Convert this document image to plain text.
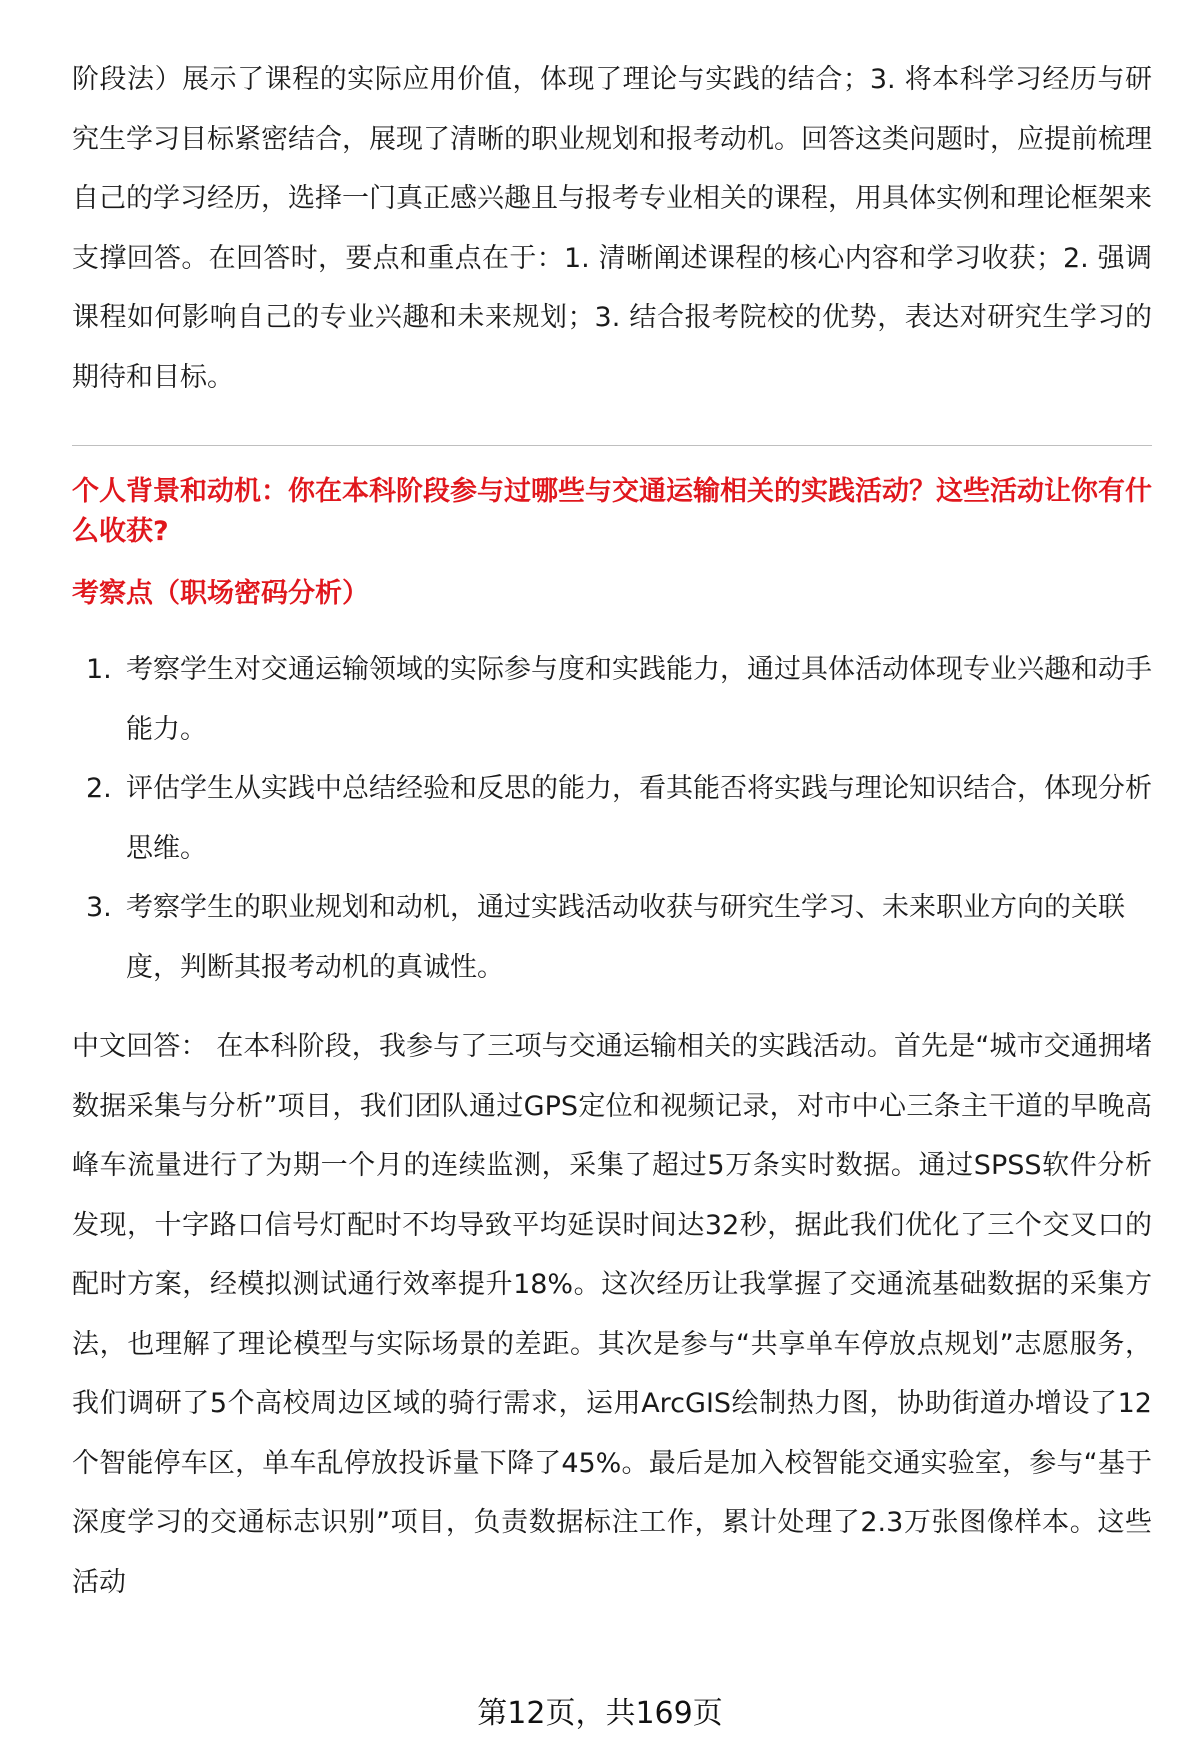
阶段法）展示了课程的实际应用价值，体现了理论与实践的结合；3. 将本科学习经历与研究生学习目标紧密结合，展现了清晰的职业规划和报考动机。回答这类问题时，应提前梳理自己的学习经历，选择一门真正感兴趣且与报考专业相关的课程，用具体实例和理论框架来支撑回答。在回答时，要点和重点在于：1. 清晰阐述课程的核心内容和学习收获；2. 强调课程如何影响自己的专业兴趣和未来规划；3. 结合报考院校的优势，表达对研究生学习的期待和目标。

个人背景和动机：你在本科阶段参与过哪些与交通运输相关的实践活动？这些活动让你有什么收获?

考察点（职场密码分析）

1. 考察学生对交通运输领域的实际参与度和实践能力，通过具体活动体现专业兴趣和动手能力。
2. 评估学生从实践中总结经验和反思的能力，看其能否将实践与理论知识结合，体现分析思维。
3. 考察学生的职业规划和动机，通过实践活动收获与研究生学习、未来职业方向的关联度，判断其报考动机的真诚性。

中文回答： 在本科阶段，我参与了三项与交通运输相关的实践活动。首先是“城市交通拥堵数据采集与分析”项目，我们团队通过GPS定位和视频记录，对市中心三条主干道的早晚高峰车流量进行了为期一个月的连续监测，采集了超过5万条实时数据。通过SPSS软件分析发现，十字路口信号灯配时不均导致平均延误时间达32秒，据此我们优化了三个交叉口的配时方案，经模拟测试通行效率提升18%。这次经历让我掌握了交通流基础数据的采集方法，也理解了理论模型与实际场景的差距。其次是参与“共享单车停放点规划”志愿服务，我们调研了5个高校周边区域的骑行需求，运用ArcGIS绘制热力图，协助街道办增设了12个智能停车区，单车乱停放投诉量下降了45%。最后是加入校智能交通实验室，参与“基于深度学习的交通标志识别”项目，负责数据标注工作，累计处理了2.3万张图像样本。这些活动

第12页，共169页
